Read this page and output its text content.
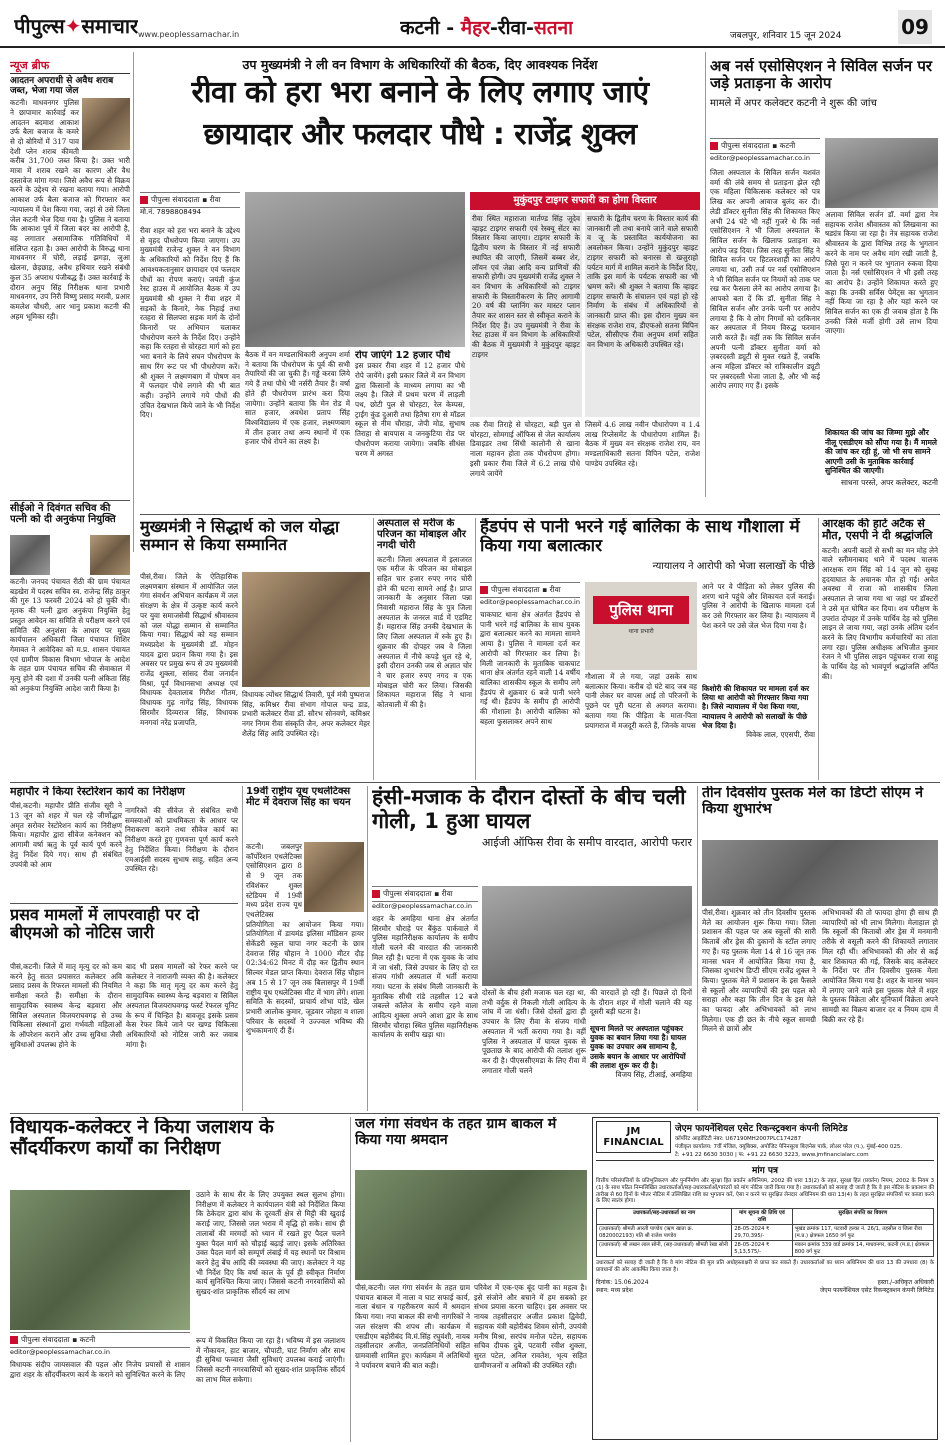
पीपुल्स✦समाचार www.peoplessamachar.in	कटनी - मैहर-रीवा-सतना	जबलपुर, शनिवार 15 जून 2024	09
न्यूज ब्रीफ
आदतन अपराधी से अवैध शराब जब्त, भेजा गया जेल
कटनी। माधवनगर पुलिस ने छापामार कार्रवाई कर आदतन बदमाश आकाश उर्फ बैला बजाज के कमरे से दो बोरियों में 317 पाव देशी प्लेन शराब कीमती करीब 31,700 जब्त किया है। उक्त भारी मात्रा में शराब रखने का कारण और वैध दस्तावेज मांगा गया। जिसे अवैध रूप से विक्रय करने के उद्देश्य से रखना बताया गया। आरोपी आकाश उर्फ बैला बजाज को गिरफ्तार कर न्यायालय में पेश किया गया, जहां से उसे जिला जेल कटनी भेज दिया गया है। पुलिस ने बताया कि आकाश पूर्व में जिला बदर का आरोपी है, वह लगातार असामाजिक गतिविधियों में संलिप्त रहता है। उक्त आरोपी के विरुद्ध थाना माधवनगर में चोरी, लड़ाई झगड़ा, जुआ खेलना, छेड़छाड़, अवैध हथियार रखने संबंधी कुल 35 अपराध पंजीबद्ध हैं। उक्त कार्रवाई के दौरान अनुप सिंह निरीक्षक थाना प्रभारी माधवनगर, उप निरी विष्णु प्रसाद मरावी, प्रआर कमलेश चौधरी, आर भानु प्रकाश कटनी की अहम भूमिका रही।
सीईओ ने दिवंगत सचिव की पत्नी को दी अनुकंपा नियुक्ति
कटनी। जनपद पंचायत रीठी की ग्राम पंचायत बड़खेरा में पदस्थ सचिव स्व. राजेन्द्र सिंह ठाकुर की गुरु 13 फरवरी 2024 को हो चुकी थी। मृतक की पत्नी द्वारा अनुकंपा नियुक्ति हेतु प्रस्तुत आवेदन का समिति से परीक्षण करने एवं समिति की अनुशंसा के आधार पर मुख्य कार्यपालन अधिकारी जिला पंचायत शिशिर गेमावत ने आवेदिका को म.प्र. शासन पंचायत एवं ग्रामीण विकास विभाग भोपाल के आदेश के तहत ग्राम पंचायत सचिव की सेवाकाल में मृत्यु होने की दशा में उनकी पत्नी अंकिता सिंह को अनुकंपा नियुक्ति आदेश जारी किया है।
उप मुख्यमंत्री ने ली वन विभाग के अधिकारियों की बैठक, दिए आवश्यक निर्देश
रीवा को हरा भरा बनाने के लिए लगाए जाएं
छायादार और फलदार पौधे : राजेंद्र शुक्ल
पीपुल्स संवाददाता ▪ रीवा
मो.नं. 7898808494
रीवा शहर को हरा भरा बनाने के उद्देश्य से वृहद पौधरोपण किया जाएगा। उप मुख्यमंत्री राजेन्द्र शुक्ल ने वन विभाग के अधिकारियों को निर्देश दिए हैं कि आवश्यकतानुसार छायादार एवं फलदार पौधों का रोपण कराएं। जयंती कुंज रेस्ट हाउस में आयोजित बैठक में उप मुख्यमंत्री श्री शुक्ल ने रीवा शहर में सड़कों के किनारे, नेक निहाई तथा रतहरा से सिलपरा सड़क मार्ग के दोनों किनारों पर अभियान चलाकर पौधरोपण करने के निर्देश दिए। उन्होंने कहा कि रतहरा से चोरहटा मार्ग को हरा भरा बनाने के लिये सघन पौधरोपण के साथ रिंग रूट पर भी पौधरोपण करें। श्री शुक्ल ने लक्ष्मणबाग में पोषण वन में फलदार पौधे लगाने की भी बात कही। उन्होंने लगाये गये पौधों की उचित देखभाल किये जाने के भी निर्देश दिए।
बैठक में वन मण्डलाधिकारी अनुपम शर्मा ने बताया कि पौधरोपण के पूर्व की सभी तैयारियों की जा चुकी हैं। गड्ढे करवा लिये गये हैं तथा पौधे भी नर्सरी तैयार हैं। वर्षा होते ही पौधरोपण प्रारंभ करा दिया जायेगा। उन्होंने बताया कि मेन रोड में सात हजार, अवधेश प्रताप सिंह विश्वविद्यालय में एक हजार, लक्ष्मणबाग में तीन हजार तथा अन्य स्थानों में एक हजार पौधे रोपने का लक्ष्य है।
रोप जाएंगे 12 हजार पौधे
इस प्रकार रीवा शहर में 12 हजार पौधे रोपे जायेंगे। इसी प्रकार जिले में वन विभाग द्वारा किसानों के माध्यम लगाया का भी लक्ष्य है। जिले में प्रथम चरण में लाड़ली पथ, छोटी पुल से चोरहटा, रेल केम्पस, ट्राईंग कुंड दुआरी तथा हितैषा राग से मॉडल स्कूल से नीम चौराहा, जेपी मोड, सुभाष तिराहा से बायपास व जनकुटिया रोड पर पौधरोपण कराया जायेगा। जबकि सीधंस चरण में अगस्त
तक रीवा तिराहे से चोरहटा, बड़ी पुल से चोरहटा, सोमगाई ऑफिस से जेल कार्यालय डिवाइडर तथा सिंधी कालोनी से खाना नाला महावन होता तक पौधरोपण होगा। इसी प्रकार रीवा जिले में 6.2 लाख पौधे लगाये जायेंगे
मुकुंदपुर टाइगर सफारी का होगा विस्तार
रीवा स्थित महाराजा मार्तण्ड सिंह जूदेव व्हाइट टाइगर सफारी एवं रेस्क्यू सेंटर का विस्तार किया जाएगा। टाइगर सफारी के द्वितीय चरण के विस्तार में नई सफारी स्थापित की जाएगी, जिसमें बब्बर शेर, लॉयन एवं जेब्रा आदि वन्य प्राणियों की सफारी होगी। उप मुख्यमंत्री राजेंद्र शुक्ल ने वन विभाग के अधिकारियों को टाइगर सफारी के विस्तारीकरण के लिए आगामी 20 वर्ष की प्लानिंग कर मास्टर प्लान तैयार कर शासन स्तर से स्वीकृत कराने के निर्देश दिए हैं। उप मुख्यमंत्री ने रीवा के रेस्ट हाउस में वन विभाग के अधिकारियों की बैठक में मुख्यमंत्री ने मुकुंदपुर व्हाइट टाइगर
सफारी के द्वितीय चरण के विस्तार कार्य की जानकारी ली तथा बनाये जाने वाले सफारी व जू के प्रस्तावित कार्ययोजना का अवलोकन किया। उन्होंने मुकुंदपुर व्हाइट टाइगर सफारी को बनारस से खजुराहो पर्यटन मार्ग में शामिल कराने के निर्देश दिए, ताकि इस मार्ग के पर्यटक सफारी का भी भ्रमण करें। श्री शुक्ल ने बताया कि व्हाइट टाइगर सफारी के संचालन एवं यहां हो रहे निर्माण के संबंध में अधिकारियों से जानकारी प्राप्त की। इस दौरान मुख्य वन संरक्षक राजेश राय, डीएफओ सतना विपिन पटेल, सीसीएफ रीवा अनुपम शर्मा सहित वन विभाग के अधिकारी उपस्थित रहे।
जिसमें 4.6 लाख नवीन पौधारोपण व 1.4 लाख रिप्लेसमेंट के पौधारोपण शामिल हैं। बैठक में मुख्य वन संरक्षक राजेश राय, वन मण्डलाधिकारी सतना विपिन पटेल, राजेश पाण्डेय उपस्थित रहे।
अब नर्स एसोसिएशन ने सिविल सर्जन पर जड़े प्रताड़ना के आरोप
मामले में अपर कलेक्टर कटनी ने शुरू की जांच
पीपुल्स संवाददाता ▪ कटनी
editor@peoplessamachar.co.in
जिला अस्पताल के सिविल सर्जन यशवंत वर्मा की लंबे समय से प्रताड़ना झेल रही एक महिला चिकित्सक कलेक्टर को पत्र लिख कर अपनी आवाज बुलंद कर दी। लेडी डॉक्टर सुनीता सिंह की शिकायत किए अभी 24 घंटे भी नहीं गुजरे थे कि नर्स एसोसिएशन ने भी जिला अस्पताल के सिविल सर्जन के खिलाफ प्रताड़ना का आरोप जड़ दिया। जिस तरह सुनीता सिंह ने सिविल सर्जन पर हिटलरशाही का आरोप लगाया था, उसी तर्ज पर नर्स एसोसिएशन ने भी सिविल सर्जन पर नियमों को ताक पर रख कर फैसला लेने का आरोप लगाया है। आपको बता दें कि डॉ. सुनीता सिंह ने सिविल सर्जन और उनके पत्नी पर आरोप लगाया है कि वे लोग निगमों को दरकिनार कर अस्पताल में नियम विरुद्ध फरमान जारी करते हैं। वहीं तक कि सिविल सर्जन अपनी पत्नी डॉक्टर सुनीता वर्मा को ज़बरदस्ती ड्यूटी से मुक्त रखते हैं, जबकि अन्य महिला डॉक्टर को रात्रिकालीन ड्यूटी पर ज़बरदस्ती भेजा जाता है, और भी कई आरोप लगाए गए हैं। इसके
अलावा सिविल सर्जन डॉ. वर्मा द्वारा नेत्र सहायक राजेश श्रीवास्तव को लिखवाना का षड्यंत्र किया जा रहा है। नेत्र सहायक राजेश श्रीवास्तव के द्वारा विभिन्न तरह के भुगतान करने के नाम पर अवैध मांग रखी जाती है, जिसे पूरा न करने पर भुगतान रुकवा दिया जाता है। नर्स एसोसिएशन ने भी इसी तरह का आरोप है। उन्होंने शिकायत करते हुए कहा कि उनकी सर्विस पेमेंट्स का भुगतान नहीं किया जा रहा है और यहां करने पर सिविल सर्जन का एक ही जवाब होता है कि उनकी जिसे मर्जी होगी उसे लाभ दिया जाएगा।
शिकायत की जांच का जिम्मा मुझे और नीलू एसडीएम को सौंपा गया है। मैं मामले की जांच कर रही हूं, जो भी सच सामने आएगी उसी के मुताबिक कार्रवाई सुनिश्चित की जाएगी।
साधना परस्ते, अपर कलेक्टर, कटनी
मुख्यमंत्री ने सिद्धार्थ को जल योद्धा सम्मान से किया सम्मानित
पीसं,रीवा। जिले के ऐतिहासिक लक्ष्मणबाग संस्थान में आयोजित जल गंगा संवर्धन अभियान कार्यक्रम में जल संरक्षण के क्षेत्र में उत्कृष्ट कार्य करने पर युवा समाजसेवी सिद्धार्थ श्रीवास्तव को जल योद्धा सम्मान से सम्मानित किया गया। सिद्धार्थ को यह सम्मान मध्यप्रदेश के मुख्यमंत्री डॉ. मोहन यादव द्वारा प्रदान किया गया है। इस अवसर पर प्रमुख रूप से उप मुख्यमंत्री राजेंद्र शुक्ला, सांसद रीवा जनार्दन मिश्रा, पूर्व विधानसभा अध्यक्ष एवं विधायक देवतालाब गिरीश गौतम, विधायक गुढ़ नागेंद्र सिंह, विधायक सिरमौर दिव्यराज सिंह, विधायक मनगवां नरेंद्र प्रजापति,
विधायक त्योंथर सिद्धार्थ तिवारी, पूर्व मंत्री पुष्पराज सिंह, कमिश्नर रीवा संभाग गोपाल चन्द्र डाड, प्रभारी कलेक्टर रीवा डॉ. सौरभ सोनवणे, कमिश्नर नगर निगम रीवा संस्कृति जैन, अपर कलेक्टर मेहर शैलेंद्र सिंह आदि उपस्थित रहे।
अस्पताल से मरीज के परिजन का मोबाइल और नगदी चोरी
कटनी। जिला अस्पताल में इलाजरत एक मरीज के परिजन का मोबाइल सहित चार हजार रुपए नगद चोरी होने की घटना सामने आई है। प्राप्त जानकारी के अनुसार जिला पन्ना निवासी महाराज सिंह के पुत्र जिला अस्पताल के जनरल वार्ड में एडमिट हैं। महाराज सिंह उनकी देखभाल के लिए जिला अस्पताल में रुके हुए हैं। शुक्रवार की दोपहर जब वे जिला अस्पताल में नीचे कपड़े धुल रहे थे, इसी दौरान उनकी जब से अज्ञात चोर ने चार हजार रुपए नगद व एक मोबाइल चोरी कर लिया। जिसकी शिकायत महाराज सिंह ने थाना कोतवाली में की है।
हैंडपंप से पानी भरने गई बालिका के साथ गौशाला में किया गया बलात्कार
न्यायालय ने आरोपी को भेजा सलाखों के पीछे
पीपुल्स संवाददाता ▪ रीवा
editor@peoplessamachar.co.in
चाकघाट थाना क्षेत्र अंतर्गत हैंडपंप से पानी भरने गई बालिका के साथ युवक द्वारा बलात्कार करने का मामला सामने आया है। पुलिस ने मामला दर्ज कर आरोपी को गिरफ्तार कर लिया है। मिली जानकारी के मुताबिक चाकघाट थाना क्षेत्र अंतर्गत रहने वाली 14 वर्षीय बालिका शासकीय स्कूल के समीप लगे हैंडपंप से शुक्रवार 6 बजे पानी भरने गई थी। हैंडपंप के समीप ही आरोपी की गौशाला है। आरोपी बालिका को बहला फुसलाकर अपने साथ
पुलिस थाना
थाना प्रभारी
गौशाला में ले गया, जहां उसके साथ बलात्कार किया। करीब दो घंटे बाद जब वह पानी लेकर घर वापस आई तो परिजनों के पूछने पर पूरी घटना से अवगत कराया। बताया गया कि पीड़िता के माता-पिता प्रयागराज में मजदूरी करते हैं, जिनके वापस
आने पर वे पीड़िता को लेकर पुलिस की शरण थाने पहुंचे और शिकायत दर्ज कराई। पुलिस ने आरोपी के खिलाफ मामला दर्ज कर उसे गिरफ्तार कर लिया है। न्यायालय में पेश करने पर उसे जेल भेज दिया गया है।
किशोरी की शिकायत पर मामला दर्ज कर लिया था आरोपी को गिरफ्तार किया गया है। जिसे न्यायालय में पेश किया गया, न्यायालय ने आरोपी को सलाखों के पीछे भेज दिया है।
विवेक लाल, एएसपी, रीवा
आरक्षक की हार्ट अटैक से मौत, एसपी ने दी श्रद्धांजलि
कटनी। अपनी बातों से सभी का मन मोह लेने वाले स्लीमनाबाद थाने में पदस्थ चालक आरक्षक राम सिंह को 14 जून को सुबह हृदयाघात के अचानक मौत हो गई। अचेत अवस्था में राजा को शासकीय जिला अस्पताल ले जाया गया था जहां पर डॉक्टरों ने उसे मृत घोषित कर दिया। शव परीक्षण के उपरांत दोपहर में उनके पार्थिव देह को पुलिस लाइन ले जाया गया, जहां उनके अंतिम दर्शन करने के लिए विभागीय कर्मचारियों का तांता लगा रहा। पुलिस अधीक्षक अभिजीत कुमार रंजन ने भी पुलिस लाइन पहुंचकर राजा साहू के पार्थिव देह को भावपूर्ण श्रद्धांजलि अर्पित की।
महापौर ने किया रेस्टोरेशन कार्य का निरीक्षण
पीसं,कटनी। महापौर प्रीति संजीव सूरी ने 13 जून को शहर में चल रहे जीर्णोद्धार अमृत सरोवर रेस्टोरेशन कार्य का निरीक्षण किया। महापौर द्वारा सीवेज कनेक्शन को आगामी वर्षा ऋतु के पूर्व कार्य पूर्ण करने हेतु निर्देश दिये गए। साथ ही संबंधित उपयंत्री को आम
नागरिकों की सीवेज से संबंधित सभी समस्याओं को प्राथमिकता के आधार पर निराकरण कराने तथा सीवेज कार्य का निरीक्षण करते हुए गुणवत्ता पूर्ण कार्य करने हेतु निर्देशित किया। निरीक्षण के दौरान एमआईसी सदस्य सुभाष साहू, सहित अन्य उपस्थित रहे।
प्रसव मामलों में लापरवाही पर दो बीएमओ को नोटिस जारी
पीसं,कटनी। जिले में मातृ मृत्यु दर को कम करने हेतु सतत प्रयासरत कलेक्टर अवि प्रसाद प्रसव के रिफरल मामलों की नियमित समीक्षा करते हैं। समीक्षा के दौरान सामुदायिक स्वास्थ्य केन्द्र बड़वारा और सिविल अस्पताल विजयराघवगढ़ से उच्च चिकित्सा संस्थानों द्वारा गर्भवती महिलाओं के ऑपरेशन कराने और उच्च सुविधा जैसी सुविधाओं उपलब्ध होने के
बाद भी प्रसव मामलों को रेफर करने पर कलेक्टर ने नाराजगी व्यक्त की है। कलेक्टर ने कहा कि मातृ मृत्यु दर कम करने हेतु सामुदायिक स्वास्थ्य केन्द्र बड़वारा व सिविल अस्पताल विजयराघवगढ़ फर्स्ट रेफरल यूनिट के रूप में चिन्हित है। बावजूद इसके प्रसव केस रेफर किये जाने पर खण्ड चिकित्सा अधिकारियों को नोटिस जारी कर जवाब मांगा है।
19वीं राष्ट्रीय यूथ एथलेटिक्स मीट में देवराज सिंह का चयन
कटनी। जबलपुर कॉर्पोरेशन एथलेटिक्स एसोसिएशन द्वारा 8 से 9 जून तक रविशंकर शुक्ल स्टेडियम में 19वीं मध्य प्रदेश राज्य यूथ एथलेटिक्स प्रतियोगिता का आयोजन किया गया। प्रतियोगिता में डायमंड इलिसा मॉडिसन हायर सेकेंडरी स्कूल चापा नगर कटनी के छात्र देवराज सिंह चौहान ने 1000 मीटर दौड़ 02:34:62 मिनट में दौड़ कर द्वितीय स्थान सिल्वर मेडल प्राप्त किया। देवराज सिंह चौहान अब 15 से 17 जून तक बिलासपुर में 19वीं राष्ट्रीय यूथ एथलेटिक्स मीट में भाग लेंगे। शाला समिति के सदस्यों, प्राचार्य शोभा पांडे, खेल प्रभारी आलोक कुमार, जूडवार जोहरा व शाला परिवार के सदस्यों ने उज्ज्वल भविष्य की शुभकामनाएं दी हैं।
हंसी-मजाक के दौरान दोस्तों के बीच चली गोली, 1 हुआ घायल
आईजी ऑफिस रीवा के समीप वारदात, आरोपी फरार
पीपुल्स संवाददाता ▪ रीवा
editor@peoplessamachar.co.in
शहर के अमहिया थाना क्षेत्र अंतर्गत सिरमौर चौराहे पर बैंकुंठ पार्कवाले में पुलिस महानिरीक्षक कार्यालय के समीप गोली चलने की वारदात की जानकारी मिल रही है। घटना में एक युवक के जांघ में जा धंसी, जिसे उपचार के लिए दो रत संजय गांधी अस्पताल में भर्ती कराया गया। घटना के संबंध मिली जानकारी के मुताबिक सीधी रांडे तहसील 12 बजे जबल्ले कॉलेज के समीप रहने वाला आदित्य शुक्ला अपने आशा द्वार के साथ सिरमौर चौराहा स्थित पुलिस महानिरीक्षक कार्यालय के समीप खड़ा था।
दोस्तों के बीच हंसी मजाक चल रहा था, तभी वर्दुक से निकली गोली आदित्य के जांघ में जा धंसी। जिसे दोस्तों द्वारा ही उपचार के लिए रीवा के संजय गांधी अस्पताल में भर्ती कराया गया है। वहीं पुलिस ने अस्पताल में घायल युवक से पूछताछ के बाद आरोपी की तलाश शुरू कर दी है। पीएससीएमडा के लिए रीवा में लगातार गोली चलने
की वारदातें हो रही हैं। पिछले दो दिनों के दौरान शहर में गोली चलाने की यह दूसरी बड़ी घटना है।
सूचना मिलते पर अस्पताल पहुंचकर युवक का बयान लिया गया है। घायल युवक का उपचार अब सामान्य है, उसके बयान के आधार पर आरोपियों की तलाश शुरू कर दी है।
विजय सिंह, टीआई, अमहिया
तीन दिवसीय पुस्तक मेले का डिप्टी सीएम ने किया शुभारंभ
पीसं,रीवा। शुक्रवार को तीन दिवसीय पुस्तक मेले का आयोजन शुरू किया गया। जिला प्रशासन की पहल पर अब स्कूलों की सारी किताबें और ड्रेस की दुकानों के स्टॉल लगाए गए हैं। यह पुस्तक मेला 14 से 16 जून तक मानस भवन में आयोजित किया गया है, जिसका शुभारंभ डिप्टी सीएम राजेंद्र शुक्ल ने किया। पुस्तक मेले में प्रशासन के इस फैसले से स्कूलों और व्यापारियों की इस पहल को सराहा और कहा कि तीन दिन के इस मेले का फायदा और अभिभावकों को लाभ मिलेगा। एक ही छत के नीचे स्कूल सामग्री मिलने से छात्रों और
अभिभावकों की तो फायदा होगा ही साथ ही व्यापारियों को भी लाभ मिलेगा। मेलाहाल हो कि स्कूलों की किताबों और ड्रेस में मनमानी तरीके से वसूली करने की शिकायतें लगातार मिल रही थीं। अभिभावकों की ओर से कई बार शिकायत की गई, जिसके बाद कलेक्टर के निर्देश पर तीन दिवसीय पुस्तक मेला आयोजित किया गया है। शहर के मानस भवन में लगाए जाने वाले इस पुस्तक मेले में शहर के पुस्तक विक्रेता और यूनिफार्म विक्रेता अपने सामग्री का विक्रय बाजार दर व नियम दाम में बिक्री कर रहे हैं।
विधायक-कलेक्टर ने किया जलाशय के सौंदर्यीकरण कार्यों का निरीक्षण
पीपुल्स संवाददाता ▪ कटनी
editor@peoplessamachar.co.in
विधायक संदीप जायसवाल की पहल और निजेय प्रयासों से शासन द्वारा शहर के सौंदर्यीकरण कार्य के कराने को सुनिश्चित करने के लिए
उठाने के साथ सैर के लिए उपयुक्त स्थल सुलभ होगा। निरीक्षण में कलेक्टर ने कार्यपालन यंत्री को निर्देशित किया कि ठेकेदार द्वारा बांध के दूरवर्ती क्षेत्र से मिट्टी की खुदाई कराई जाए, जिससे जल भराव में वृद्धि हो सके। साथ ही तालाबों की मरमदों को ध्यान में रखते हुए पैदल चलने युक्त पैदल मार्ग को चौड़ाई बढ़ाई जाए। इसके अतिरिक्त उक्त पैदल मार्ग को सम्पूर्ण लंबाई में यह स्थानों पर विश्राम करने हेतु बेंच आदि की व्यवस्था की जाए। कलेक्टर ने यह भी निर्देश दिए कि वर्षा काल के पूर्व ही स्वीकृत निर्माण कार्य सुनिश्चित किया जाए। जिससे कटनी नगरवासियों को सुखद-शांत प्राकृतिक सौंदर्य का लाभ
रूप में विकसित किया जा रहा है। भविष्य में इस जलाशय में नौकायन, हाट बाजार, चौपाटी, घाट निर्माण और साथ ही सुविधा फव्वारा जैसी सुविधाएं उपलब्ध कराई जाएंगी। जिससे कटनी नगरवासियों को सुखद-शांत प्राकृतिक सौंदर्य का लाभ मिल सकेगा।
जल गंगा संवर्धन के तहत ग्राम बाकल में किया गया श्रमदान
पीसं,कटनी। जल गंगा संवर्धन के तहत ग्राम पंचायत बाकल में नाला व घाट सफाई कार्य, नाला बंधान व गहरीकरण कार्य में श्रमदान किया गया। नपा बाकल की सभी नागरिकों ने जल संरक्षण की शपथ ली। कार्यक्रम में एसडीएम बहोरीबंद वि.मं.सिंह रघुवंशी, नायब तहसीलदार अजीत, जनप्रतिनिधियों सहित ग्रामवासी शामिल हुए। कार्यक्रम में अतिथियों ने पर्यावरण बचाने की बात कही।
परिवेश में एक-एक बूंद पानी का महत्व है। इसे संजोने और बचाने में हम सबको हर संभव प्रयास करना चाहिए। इस अवसर पर नायब तहसीलदार अजीत प्रकाश द्विवेदी, सहायक यंत्री बहोरीबंद शिवम सोनी, उपयंत्री मनीष मिश्रा, सरपंच मनोज पटेल, सहायक सचिव दीपक दुबे, पटवारी रवीश शुक्ला, सुरत पटेल, अनिल रावतेश, भृत्य सहित ग्रामीणजनों व अमिकों की उपस्थित रही।
JM FINANCIAL
जेएम फायनेंशियल एसेट रिकन्स्ट्रक्शन कंपनी लिमिटेड
कॉर्पोरेट आइडेंटिटी नंबर: U67190MH2007PLC174287
पंजीकृत कार्यालय: 7वीं मंजिल, क्यूबिक्स, अपोजिट पेनिनसुला बिज़नेस पार्क, लोअर परेल (प.), मुंबई-400 025.
टे: +91 22 6630 3030 | फ: +91 22 6630 3223, www.jmfinancialarc.com
मांग पत्र
वित्तीय परिसंपत्तियों के प्रतिभूतिकरण और पुनर्निर्माण और सुरक्षा हित प्रवर्तन अधिनियम, 2002 की धारा 13(2) के तहत, सुरक्षा हित (प्रवर्तन) नियम, 2002 के नियम 3 (1) के साथ पठित निम्नलिखित उधारकर्ताओं/सह-उधारकर्ताओं/गारंटरों को मांग नोटिस जारी किया गया है। उधारकर्ताओं को सलाह दी जाती है कि वे इस नोटिस के प्रकाशन की तारीख से 60 दिनों के भीतर नोटिस में उल्लिखित राशि का भुगतान करें, ऐसा न करने पर सुरक्षित लेनदार अधिनियम की धारा 13(4) के तहत सुरक्षित संपत्तियों पर कब्जा करने के लिए स्वतंत्र होगा।
उधारकर्ता/सह-उधारकर्ता का नाम	मांग सूचना की तिथि एवं राशि	सुरक्षित संपत्ति का विवरण
(उधारकर्ता) श्रीमती आरती पाण्डेय (ऋण खाता क्र. 0820002193) पति श्री राजेश पाण्डेय	28-05-2024 ₹ 29,70,395/-	भूखंड क्रमांक 117, पटवारी हल्का नं. 26/1, तहसील व जिला रीवा (म.प्र.) क्षेत्रफल 1650 वर्ग फुट
(उधारकर्ता) श्री लखन लाल सोनी, (सह-उधारकर्ता) श्रीमती रेखा सोनी	28-05-2024 ₹ 5,13,575/-	मकान क्रमांक 339 वार्ड क्रमांक 14, माधवनगर, कटनी (म.प्र.) क्षेत्रफल 800 वर्ग फुट
उधारकर्ता को सलाह दी जाती है कि वे मांग नोटिस की मूल प्रति अधोहस्ताक्षरी से प्राप्त कर सकते हैं। उधारकर्ताओं का ध्यान अधिनियम की धारा 13 की उपधारा (8) के प्रावधानों की ओर आकर्षित किया जाता है।
दिनांक: 15.06.2024
स्थान: मध्य प्रदेश
हस्ता./-अधिकृत अधिकारी
जेएम फायनेंशियल एसेट रिकन्स्ट्रक्शन कंपनी लिमिटेड
